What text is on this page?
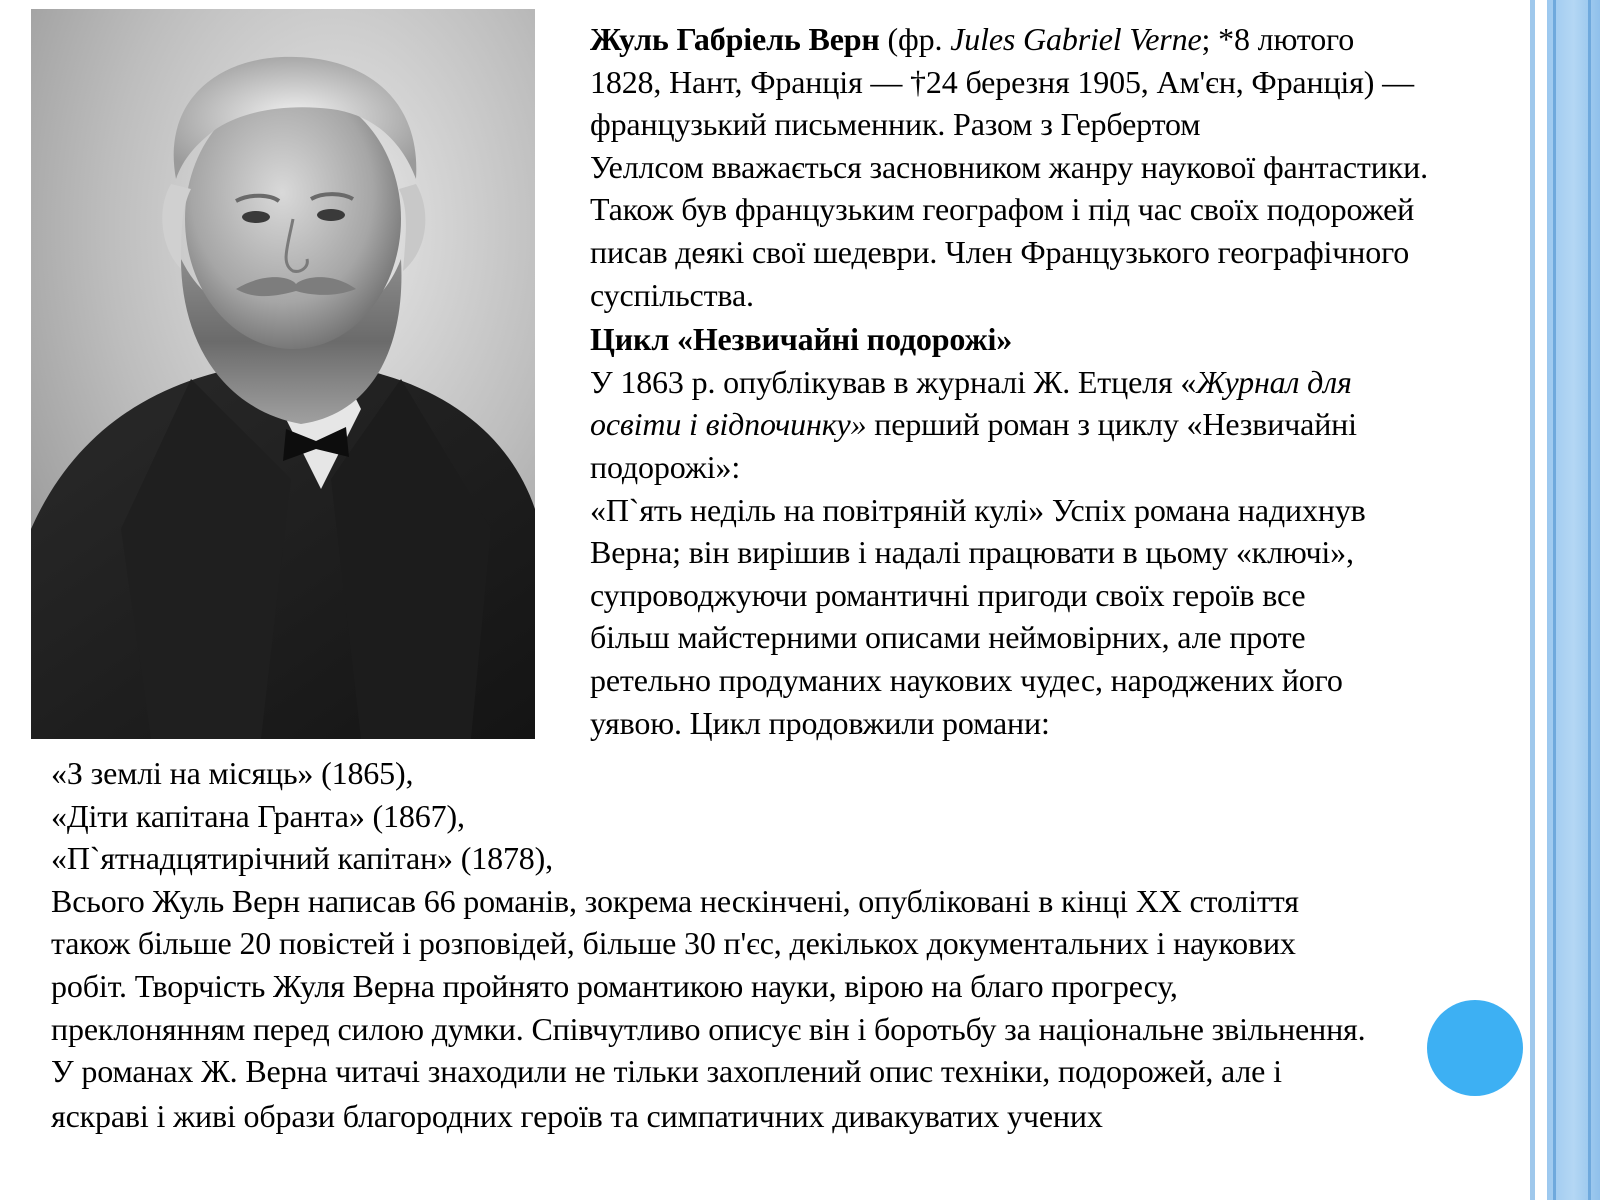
Жуль Габріель Верн (фр. Jules Gabriel Verne; *8 лютого
1828, Нант, Франція — †24 березня 1905, Ам'єн, Франція) —
французький письменник. Разом з Гербертом
Уеллсом вважається засновником жанру наукової фантастики.
Також був французьким географом і під час своїх подорожей
писав деякі свої шедеври. Член Французького географічного
суспільства.
Цикл «Незвичайні подорожі»
У 1863 р. опублікував в журналі Ж. Етцеля «Журнал для
освіти і відпочинку» перший роман з циклу «Незвичайні
подорожі»:
«П`ять неділь на повітряній кулі» Успіх романа надихнув
Верна; він вирішив і надалі працювати в цьому «ключі»,
супроводжуючи романтичні пригоди своїх героїв все
більш майстерними описами неймовірних, але проте
ретельно продуманих наукових чудес, народжених його
уявою. Цикл продовжили романи:
«З землі на місяць» (1865),
«Діти капітана Гранта» (1867),
«П`ятнадцятирічний капітан» (1878),
Всього Жуль Верн написав 66 романів, зокрема нескінчені, опубліковані в кінці XX століття
також більше 20 повістей і розповідей, більше 30 п'єс, декількох документальних і наукових
робіт. Творчість Жуля Верна пройнято романтикою науки, вірою на благо прогресу,
преклонянням перед силою думки. Співчутливо описує він і боротьбу за національне звільнення.
У романах Ж. Верна читачі знаходили не тільки захоплений опис техніки, подорожей, але і
яскраві і живі образи благородних героїв та симпатичних дивакуватих учених
